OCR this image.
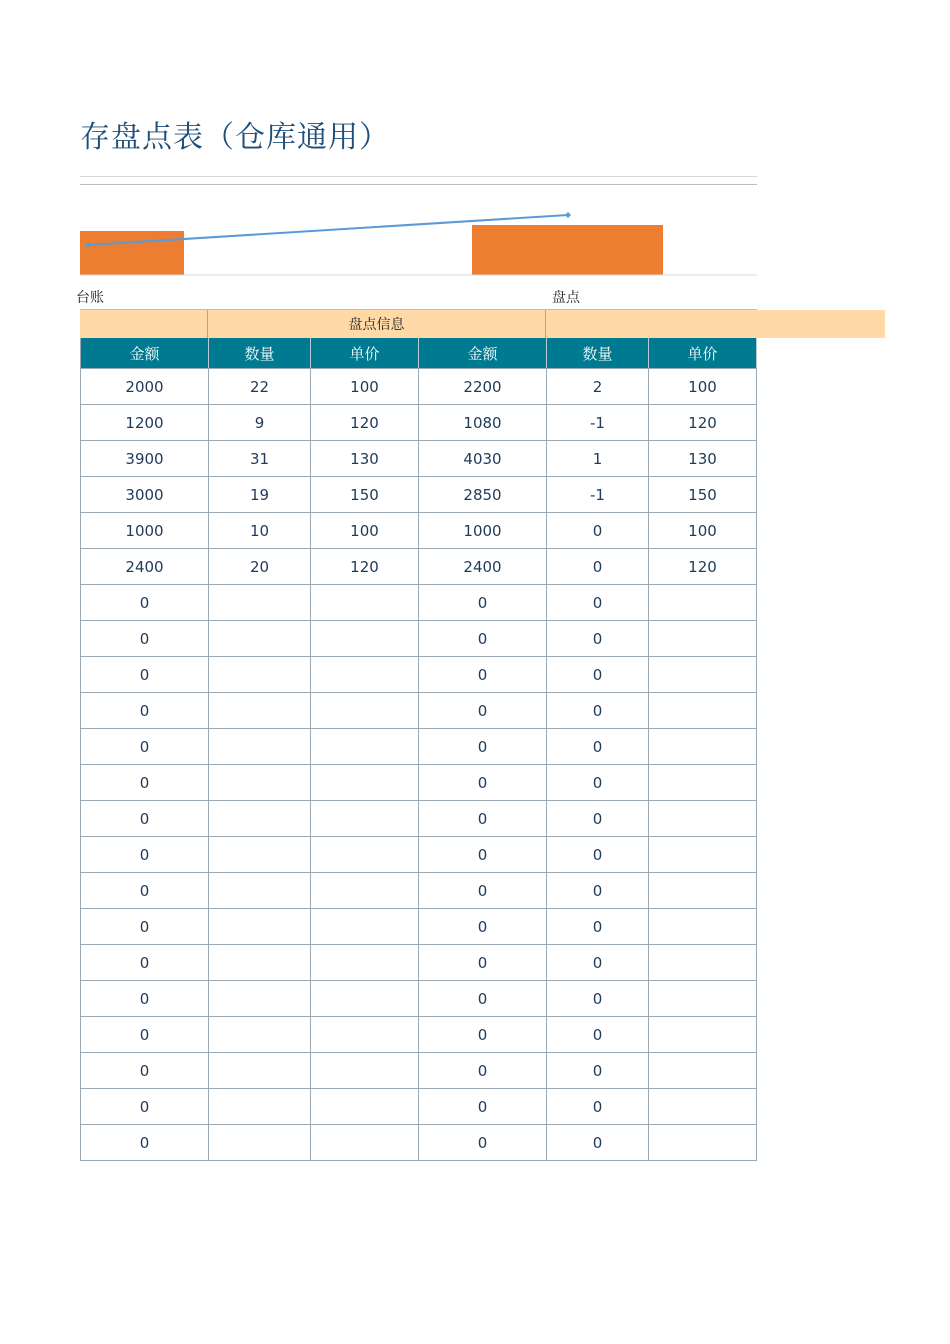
存盘点表（仓库通用）
台账	盘点
盘点信息
金额	数量	单价	金额	数量	单价
2000	22	100	2200	2	100
1200	9	120	1080	-1	120
3900	31	130	4030	1	130
3000	19	150	2850	-1	150
1000	10	100	1000	0	100
2400	20	120	2400	0	120
0			0	0	
0			0	0	
0			0	0	
0			0	0	
0			0	0	
0			0	0	
0			0	0	
0			0	0	
0			0	0	
0			0	0	
0			0	0	
0			0	0	
0			0	0	
0			0	0	
0			0	0	
0			0	0	
